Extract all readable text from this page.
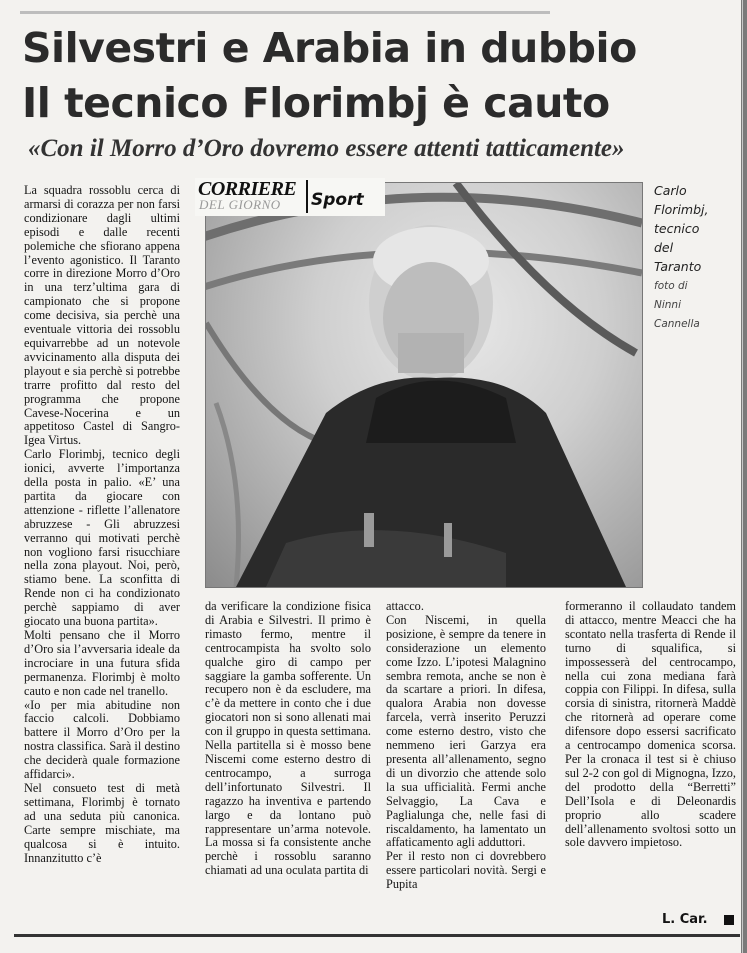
Silvestri e Arabia in dubbio
Il tecnico Florimbj è cauto
«Con il Morro d’Oro dovremo essere attenti tatticamente»

La squadra rossoblu cerca di armarsi di corazza per non farsi condizionare dagli ultimi episodi e dalle recenti polemiche che sfiorano appena l’evento agonistico. Il Taranto corre in direzione Morro d’Oro in una terz’ultima gara di campionato che si propone come decisiva, sia perchè una eventuale vittoria dei rossoblu equivarrebbe ad un notevole avvicinamento alla disputa dei playout e sia perchè si potrebbe trarre profitto dal resto del programma che propone Cavese-Nocerina e un appetitoso Castel di Sangro-Igea Virtus.

Carlo Florimbj, tecnico degli ionici, avverte l’importanza della posta in palio. «E’ una partita da giocare con attenzione - riflette l’allenatore abruzzese - Gli abruzzesi verranno qui motivati perchè non vogliono farsi risucchiare nella zona playout. Noi, però, stiamo bene. La sconfitta di Rende non ci ha condizionato perchè sappiamo di aver giocato una buona partita».

Molti pensano che il Morro d’Oro sia l’avversaria ideale da incrociare in una futura sfida permanenza. Florimbj è molto cauto e non cade nel tranello.

«Io per mia abitudine non faccio calcoli. Dobbiamo battere il Morro d’Oro per la nostra classifica. Sarà il destino che deciderà quale formazione affidarci».

Nel consueto test di metà settimana, Florimbj è tornato ad una seduta più canonica. Carte sempre mischiate, ma qualcosa si è intuito. Innanzitutto c’è

CORRIERE
DEL GIORNO Sport	Carlo
Florimbj,
tecnico
del
Taranto
foto di
Ninni
Cannella

da verificare la condizione fisica di Arabia e Silvestri. Il primo è rimasto fermo, mentre il centrocampista ha svolto solo qualche giro di campo per saggiare la gamba sofferente. Un recupero non è da escludere, ma c’è da mettere in conto che i due giocatori non si sono allenati mai con il gruppo in questa settimana. Nella partitella si è mosso bene Niscemi come esterno destro di centrocampo, a surroga dell’infortunato Silvestri. Il ragazzo ha inventiva e partendo largo e da lontano può rappresentare un’arma notevole. La mossa si fa consistente anche perchè i rossoblu saranno chiamati ad una oculata partita di

attacco.

Con Niscemi, in quella posizione, è sempre da tenere in considerazione un elemento come Izzo. L’ipotesi Malagnino sembra remota, anche se non è da scartare a priori. In difesa, qualora Arabia non dovesse farcela, verrà inserito Peruzzi come esterno destro, visto che nemmeno ieri Garzya era presenta all’allenamento, segno di un divorzio che attende solo la sua ufficialità. Fermi anche Selvaggio, La Cava e Paglialunga che, nelle fasi di riscaldamento, ha lamentato un affaticamento agli adduttori.

Per il resto non ci dovrebbero essere particolari novità. Sergi e Pupita

formeranno il collaudato tandem di attacco, mentre Meacci che ha scontato nella trasferta di Rende il turno di squalifica, si impossesserà del centrocampo, nella cui zona mediana farà coppia con Filippi. In difesa, sulla corsia di sinistra, ritornerà Maddè che ritornerà ad operare come difensore dopo essersi sacrificato a centrocampo domenica scorsa. Per la cronaca il test si è chiuso sul 2-2 con gol di Mignogna, Izzo, del prodotto della “Berretti” Dell’Isola e di Deleonardis proprio allo scadere dell’allenamento svoltosi sotto un sole davvero impietoso.

L. Car.
